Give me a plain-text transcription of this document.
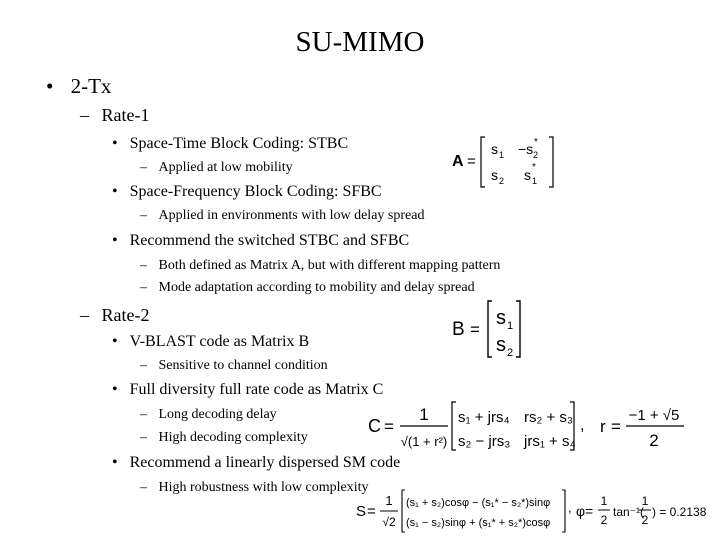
SU-MIMO
• 2-Tx
– Rate-1
• Space-Time Block Coding: STBC
– Applied at low mobility
• Space-Frequency Block Coding: SFBC
– Applied in environments with low delay spread
• Recommend the switched STBC and SFBC
– Both defined as Matrix A, but with different mapping pattern
– Mode adaptation according to mobility and delay spread
– Rate-2
• V-BLAST code as Matrix B
– Sensitive to channel condition
• Full diversity full rate code as Matrix C
– Long decoding delay
– High decoding complexity
• Recommend a linearly dispersed SM code
– High robustness with low complexity
A =
s 1 −s 2
*
s 2 s 1
*
B =
s 1
s 2
C =
1
√(1 + r²)
s₁ + jrs₄ rs₂ + s₃
s₂ − jrs₃ jrs₁ + s₄
, r =
−1 + √5
2
S =
1
√2
(s₁ + s₂)cosφ − (s₁* − s₂*)sinφ
(s₁ − s₂)sinφ + (s₁* + s₂*)cosφ
, φ =
1
2
tan⁻¹(
1
2
) = 0.2138
